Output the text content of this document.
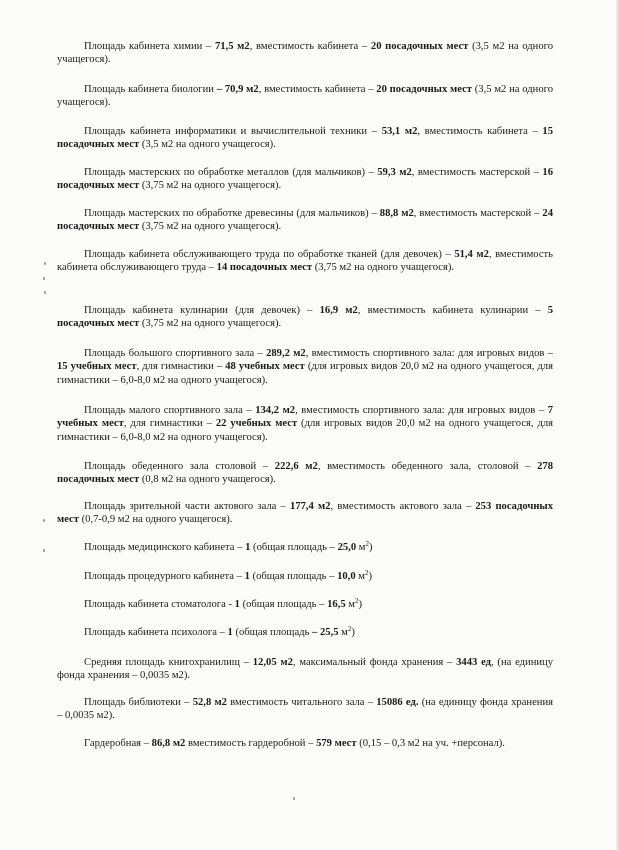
Площадь кабинета химии – 71,5 м2, вместимость кабинета – 20 посадочных мест (3,5 м2 на одного учащегося).

Площадь кабинета биологии – 70,9 м2, вместимость кабинета – 20 посадочных мест (3,5 м2 на одного учащегося).

Площадь кабинета информатики и вычислительной техники – 53,1 м2, вместимость кабинета – 15 посадочных мест (3,5 м2 на одного учащегося).

Площадь мастерских по обработке металлов (для мальчиков) – 59,3 м2, вместимость мастерской – 16 посадочных мест (3,75 м2 на одного учащегося).

Площадь мастерских по обработке древесины (для мальчиков) – 88,8 м2, вместимость мастерской – 24 посадочных мест (3,75 м2 на одного учащегося).

Площадь кабинета обслуживающего труда по обработке тканей (для девочек) – 51,4 м2, вместимость кабинета обслуживающего труда – 14 посадочных мест (3,75 м2 на одного учащегося).

Площадь кабинета кулинарии (для девочек) – 16,9 м2, вместимость кабинета кулинарии – 5 посадочных мест (3,75 м2 на одного учащегося).

Площадь большого спортивного зала – 289,2 м2, вместимость спортивного зала: для игровых видов – 15 учебных мест, для гимнастики – 48 учебных мест (для игровых видов 20,0 м2 на одного учащегося, для гимнастики – 6,0-8,0 м2 на одного учащегося).

Площадь малого спортивного зала – 134,2 м2, вместимость спортивного зала: для игровых видов – 7 учебных мест, для гимнастики – 22 учебных мест (для игровых видов 20,0 м2 на одного учащегося, для гимнастики – 6,0-8,0 м2 на одного учащегося).

Площадь обеденного зала столовой – 222,6 м2, вместимость обеденного зала, столовой – 278 посадочных мест (0,8 м2 на одного учащегося).

Площадь зрительной части актового зала – 177,4 м2, вместимость актового зала – 253 посадочных мест (0,7-0,9 м2 на одного учащегося).

Площадь медицинского кабинета – 1 (общая площадь – 25,0 $м^2$)

Площадь процедурного кабинета – 1 (общая площадь – 10,0 $м^2$)

Площадь кабинета стоматолога - 1 (общая площадь – 16,5 $м^2$)

Площадь кабинета психолога – 1 (общая площадь – 25,5 $м^2$)

Средняя площадь книгохранилищ – 12,05 м2, максимальный фонда хранения – 3443 ед, (на единицу фонда хранения – 0,0035 м2).

Площадь библиотеки – 52,8 м2 вместимость читального зала – 15086 ед. (на единицу фонда хранения – 0,0035 м2).

Гардеробная – 86,8 м2 вместимость гардеробной – 579 мест (0,15 – 0,3 м2 на уч. +персонал).
